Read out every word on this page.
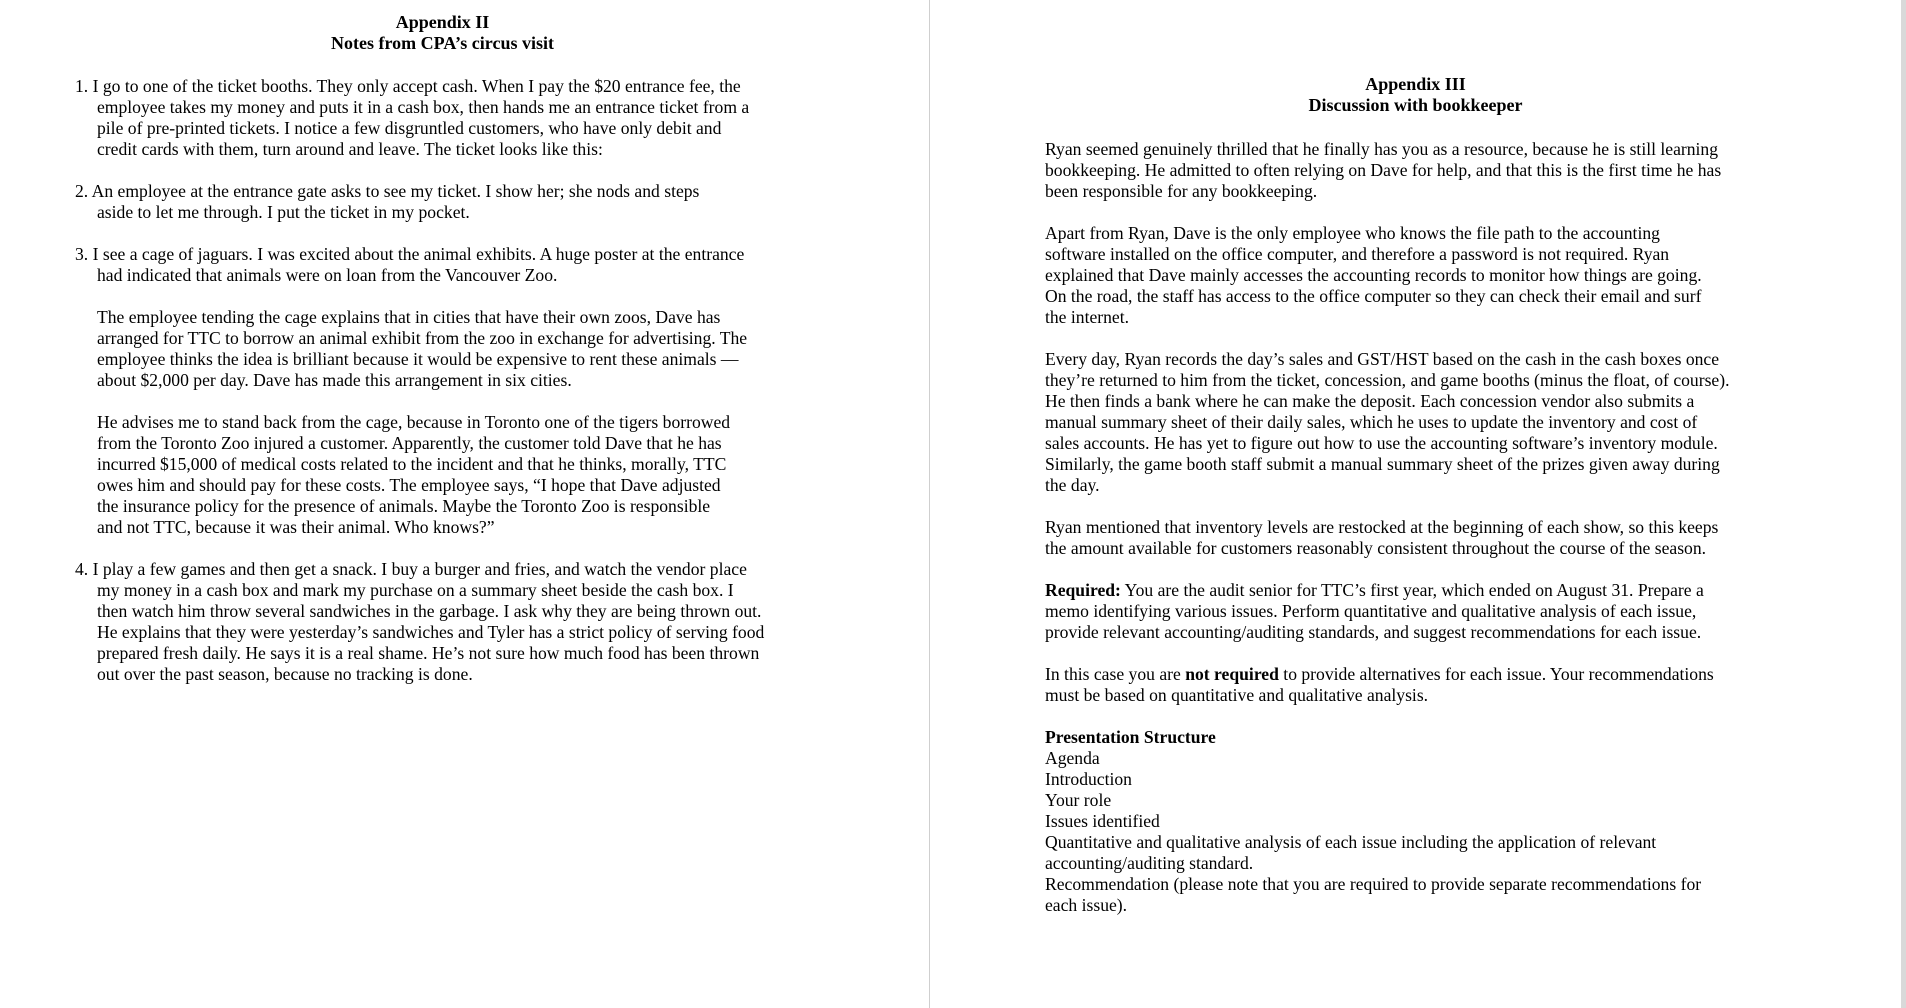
Appendix II
Notes from CPA’s circus visit
1. I go to one of the ticket booths. They only accept cash. When I pay the $20 entrance fee, the
employee takes my money and puts it in a cash box, then hands me an entrance ticket from a
pile of pre-printed tickets. I notice a few disgruntled customers, who have only debit and
credit cards with them, turn around and leave. The ticket looks like this:
2. An employee at the entrance gate asks to see my ticket. I show her; she nods and steps
aside to let me through. I put the ticket in my pocket.
3. I see a cage of jaguars. I was excited about the animal exhibits. A huge poster at the entrance
had indicated that animals were on loan from the Vancouver Zoo.
The employee tending the cage explains that in cities that have their own zoos, Dave has
arranged for TTC to borrow an animal exhibit from the zoo in exchange for advertising. The
employee thinks the idea is brilliant because it would be expensive to rent these animals —
about $2,000 per day. Dave has made this arrangement in six cities.
He advises me to stand back from the cage, because in Toronto one of the tigers borrowed
from the Toronto Zoo injured a customer. Apparently, the customer told Dave that he has
incurred $15,000 of medical costs related to the incident and that he thinks, morally, TTC
owes him and should pay for these costs. The employee says, “I hope that Dave adjusted
the insurance policy for the presence of animals. Maybe the Toronto Zoo is responsible
and not TTC, because it was their animal. Who knows?”
4. I play a few games and then get a snack. I buy a burger and fries, and watch the vendor place
my money in a cash box and mark my purchase on a summary sheet beside the cash box. I
then watch him throw several sandwiches in the garbage. I ask why they are being thrown out.
He explains that they were yesterday’s sandwiches and Tyler has a strict policy of serving food
prepared fresh daily. He says it is a real shame. He’s not sure how much food has been thrown
out over the past season, because no tracking is done.
Appendix III
Discussion with bookkeeper
Ryan seemed genuinely thrilled that he finally has you as a resource, because he is still learning
bookkeeping. He admitted to often relying on Dave for help, and that this is the first time he has
been responsible for any bookkeeping.
Apart from Ryan, Dave is the only employee who knows the file path to the accounting
software installed on the office computer, and therefore a password is not required. Ryan
explained that Dave mainly accesses the accounting records to monitor how things are going.
On the road, the staff has access to the office computer so they can check their email and surf
the internet.
Every day, Ryan records the day’s sales and GST/HST based on the cash in the cash boxes once
they’re returned to him from the ticket, concession, and game booths (minus the float, of course).
He then finds a bank where he can make the deposit. Each concession vendor also submits a
manual summary sheet of their daily sales, which he uses to update the inventory and cost of
sales accounts. He has yet to figure out how to use the accounting software’s inventory module.
Similarly, the game booth staff submit a manual summary sheet of the prizes given away during
the day.
Ryan mentioned that inventory levels are restocked at the beginning of each show, so this keeps
the amount available for customers reasonably consistent throughout the course of the season.
Required: You are the audit senior for TTC’s first year, which ended on August 31. Prepare a
memo identifying various issues. Perform quantitative and qualitative analysis of each issue,
provide relevant accounting/auditing standards, and suggest recommendations for each issue.
In this case you are not required to provide alternatives for each issue. Your recommendations
must be based on quantitative and qualitative analysis.
Presentation Structure
Agenda
Introduction
Your role
Issues identified
Quantitative and qualitative analysis of each issue including the application of relevant
accounting/auditing standard.
Recommendation (please note that you are required to provide separate recommendations for
each issue).
